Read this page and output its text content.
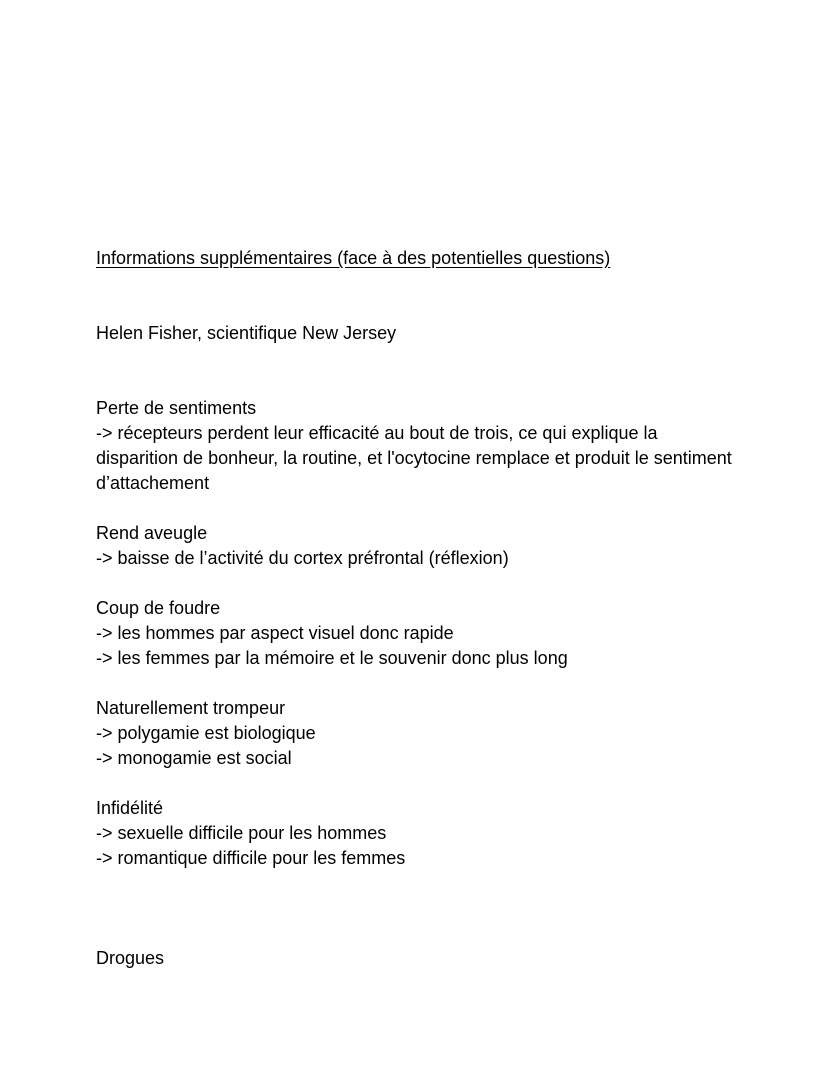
Informations supplémentaires (face à des potentielles questions)
Helen Fisher, scientifique New Jersey
Perte de sentiments
-> récepteurs perdent leur efficacité au bout de trois, ce qui explique la
disparition de bonheur, la routine, et l'ocytocine remplace et produit le sentiment
d’attachement
Rend aveugle
-> baisse de l’activité du cortex préfrontal (réflexion)
Coup de foudre
-> les hommes par aspect visuel donc rapide
-> les femmes par la mémoire et le souvenir donc plus long
Naturellement trompeur
-> polygamie est biologique
-> monogamie est social
Infidélité
-> sexuelle difficile pour les hommes
-> romantique difficile pour les femmes
Drogues
